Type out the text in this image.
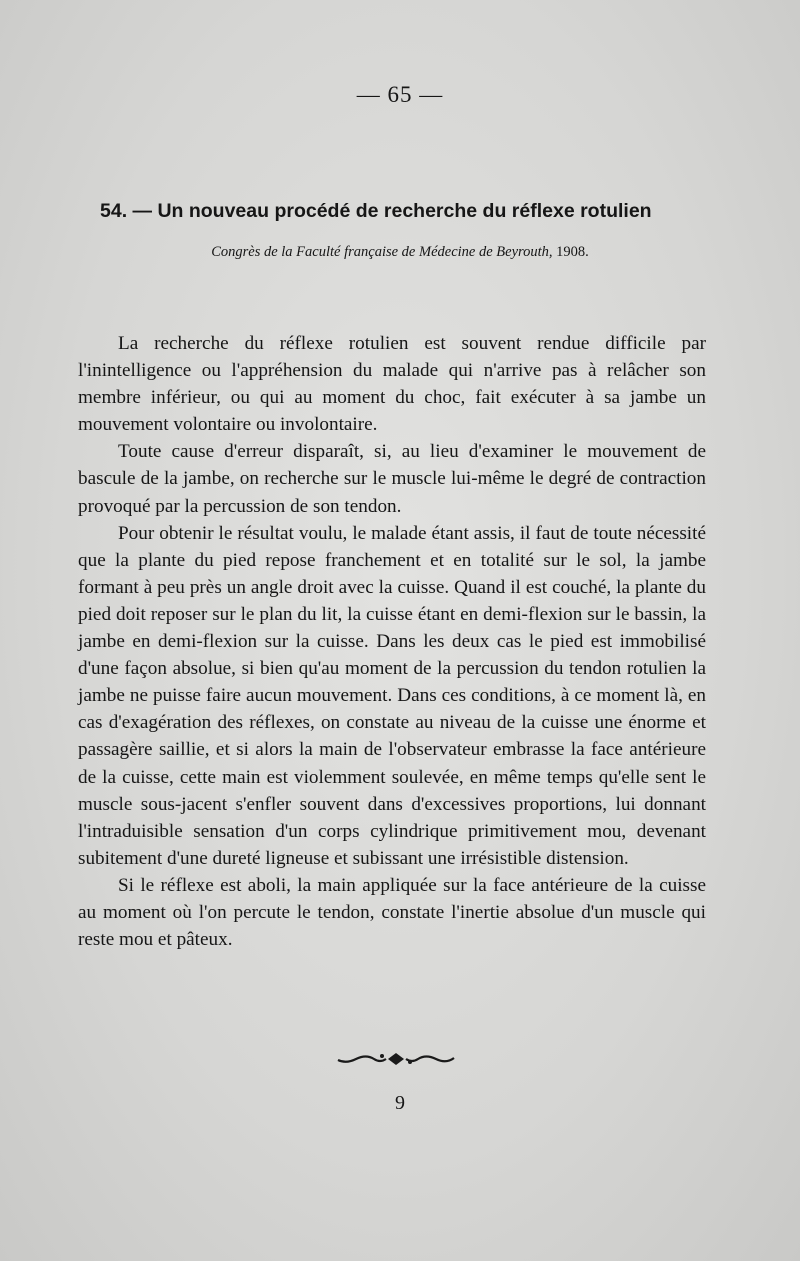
— 65 —
54. — Un nouveau procédé de recherche du réflexe rotulien
Congrès de la Faculté française de Médecine de Beyrouth, 1908.

La recherche du réflexe rotulien est souvent rendue difficile par l'inintelligence ou l'appréhension du malade qui n'arrive pas à relâcher son membre inférieur, ou qui au moment du choc, fait exécuter à sa jambe un mouvement volontaire ou involontaire.

Toute cause d'erreur disparaît, si, au lieu d'examiner le mouvement de bascule de la jambe, on recherche sur le muscle lui-même le degré de contraction provoqué par la percussion de son tendon.

Pour obtenir le résultat voulu, le malade étant assis, il faut de toute nécessité que la plante du pied repose franchement et en totalité sur le sol, la jambe formant à peu près un angle droit avec la cuisse. Quand il est couché, la plante du pied doit reposer sur le plan du lit, la cuisse étant en demi-flexion sur le bassin, la jambe en demi-flexion sur la cuisse. Dans les deux cas le pied est immobilisé d'une façon absolue, si bien qu'au moment de la percussion du tendon rotulien la jambe ne puisse faire aucun mouvement. Dans ces conditions, à ce moment là, en cas d'exagération des réflexes, on constate au niveau de la cuisse une énorme et passagère saillie, et si alors la main de l'observateur embrasse la face antérieure de la cuisse, cette main est violemment soulevée, en même temps qu'elle sent le muscle sous-jacent s'enfler souvent dans d'excessives proportions, lui donnant l'intraduisible sensation d'un corps cylindrique primitivement mou, devenant subitement d'une dureté ligneuse et subissant une irrésistible distension.

Si le réflexe est aboli, la main appliquée sur la face antérieure de la cuisse au moment où l'on percute le tendon, constate l'inertie absolue d'un muscle qui reste mou et pâteux.

9
